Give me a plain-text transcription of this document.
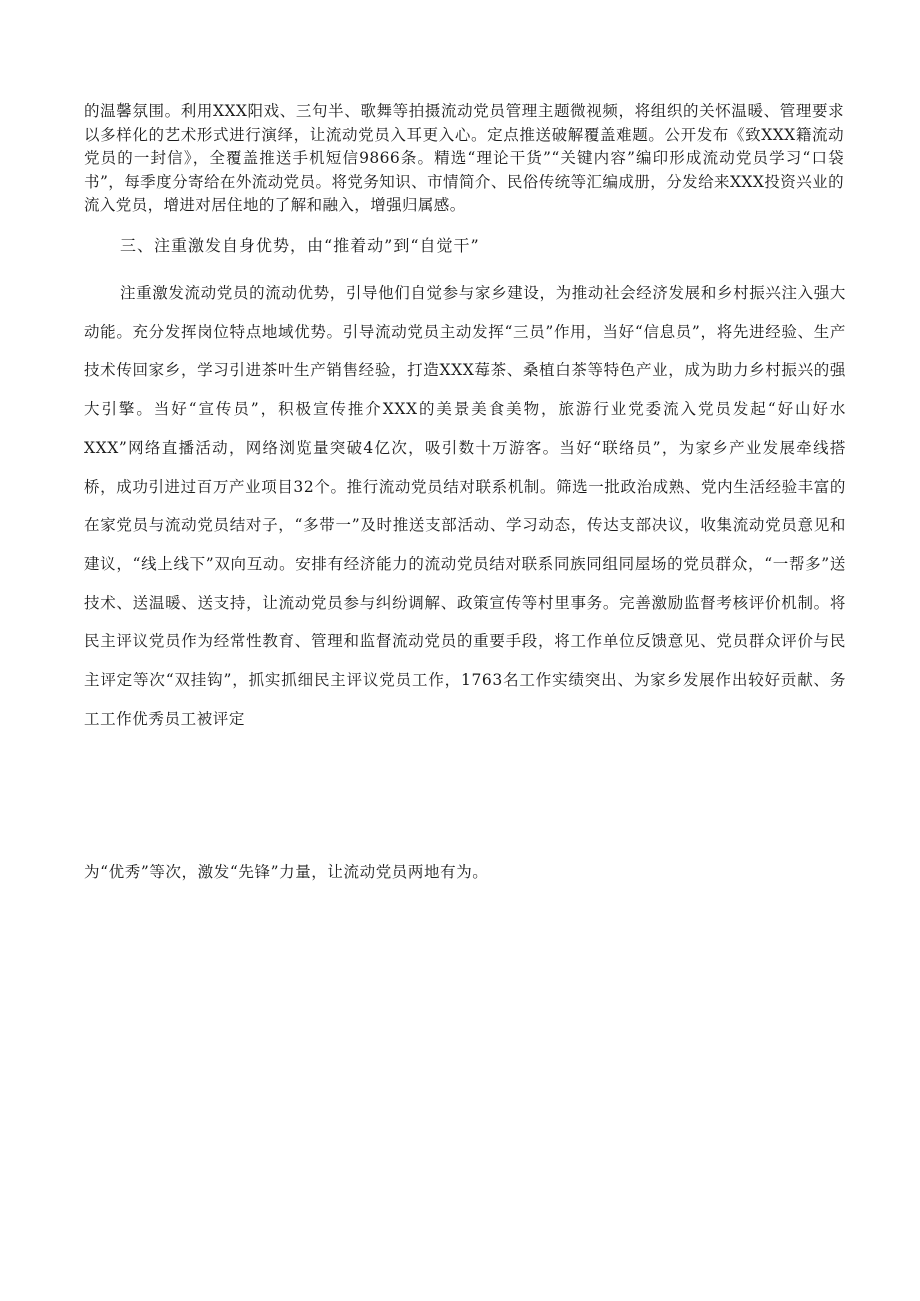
的温馨氛围。利用XXX阳戏、三句半、歌舞等拍摄流动党员管理主题微视频，将组织的关怀温暖、管理要求以多样化的艺术形式进行演绎，让流动党员入耳更入心。定点推送破解覆盖难题。公开发布《致XXX籍流动党员的一封信》，全覆盖推送手机短信9866条。精选“理论干货”“关键内容”编印形成流动党员学习“口袋书”，每季度分寄给在外流动党员。将党务知识、市情简介、民俗传统等汇编成册，分发给来XXX投资兴业的流入党员，增进对居住地的了解和融入，增强归属感。

三、注重激发自身优势，由“推着动”到“自觉干”

注重激发流动党员的流动优势，引导他们自觉参与家乡建设，为推动社会经济发展和乡村振兴注入强大动能。充分发挥岗位特点地域优势。引导流动党员主动发挥“三员”作用，当好“信息员”，将先进经验、生产技术传回家乡，学习引进茶叶生产销售经验，打造XXX莓茶、桑植白茶等特色产业，成为助力乡村振兴的强大引擎。当好“宣传员”，积极宣传推介XXX的美景美食美物，旅游行业党委流入党员发起“好山好水XXX”网络直播活动，网络浏览量突破4亿次，吸引数十万游客。当好“联络员”，为家乡产业发展牵线搭桥，成功引进过百万产业项目32个。推行流动党员结对联系机制。筛选一批政治成熟、党内生活经验丰富的在家党员与流动党员结对子，“多带一”及时推送支部活动、学习动态，传达支部决议，收集流动党员意见和建议，“线上线下”双向互动。安排有经济能力的流动党员结对联系同族同组同屋场的党员群众，“一帮多”送技术、送温暖、送支持，让流动党员参与纠纷调解、政策宣传等村里事务。完善激励监督考核评价机制。将民主评议党员作为经常性教育、管理和监督流动党员的重要手段，将工作单位反馈意见、党员群众评价与民主评定等次“双挂钩”，抓实抓细民主评议党员工作，1763名工作实绩突出、为家乡发展作出较好贡献、务工工作优秀员工被评定

为“优秀”等次，激发“先锋”力量，让流动党员两地有为。
